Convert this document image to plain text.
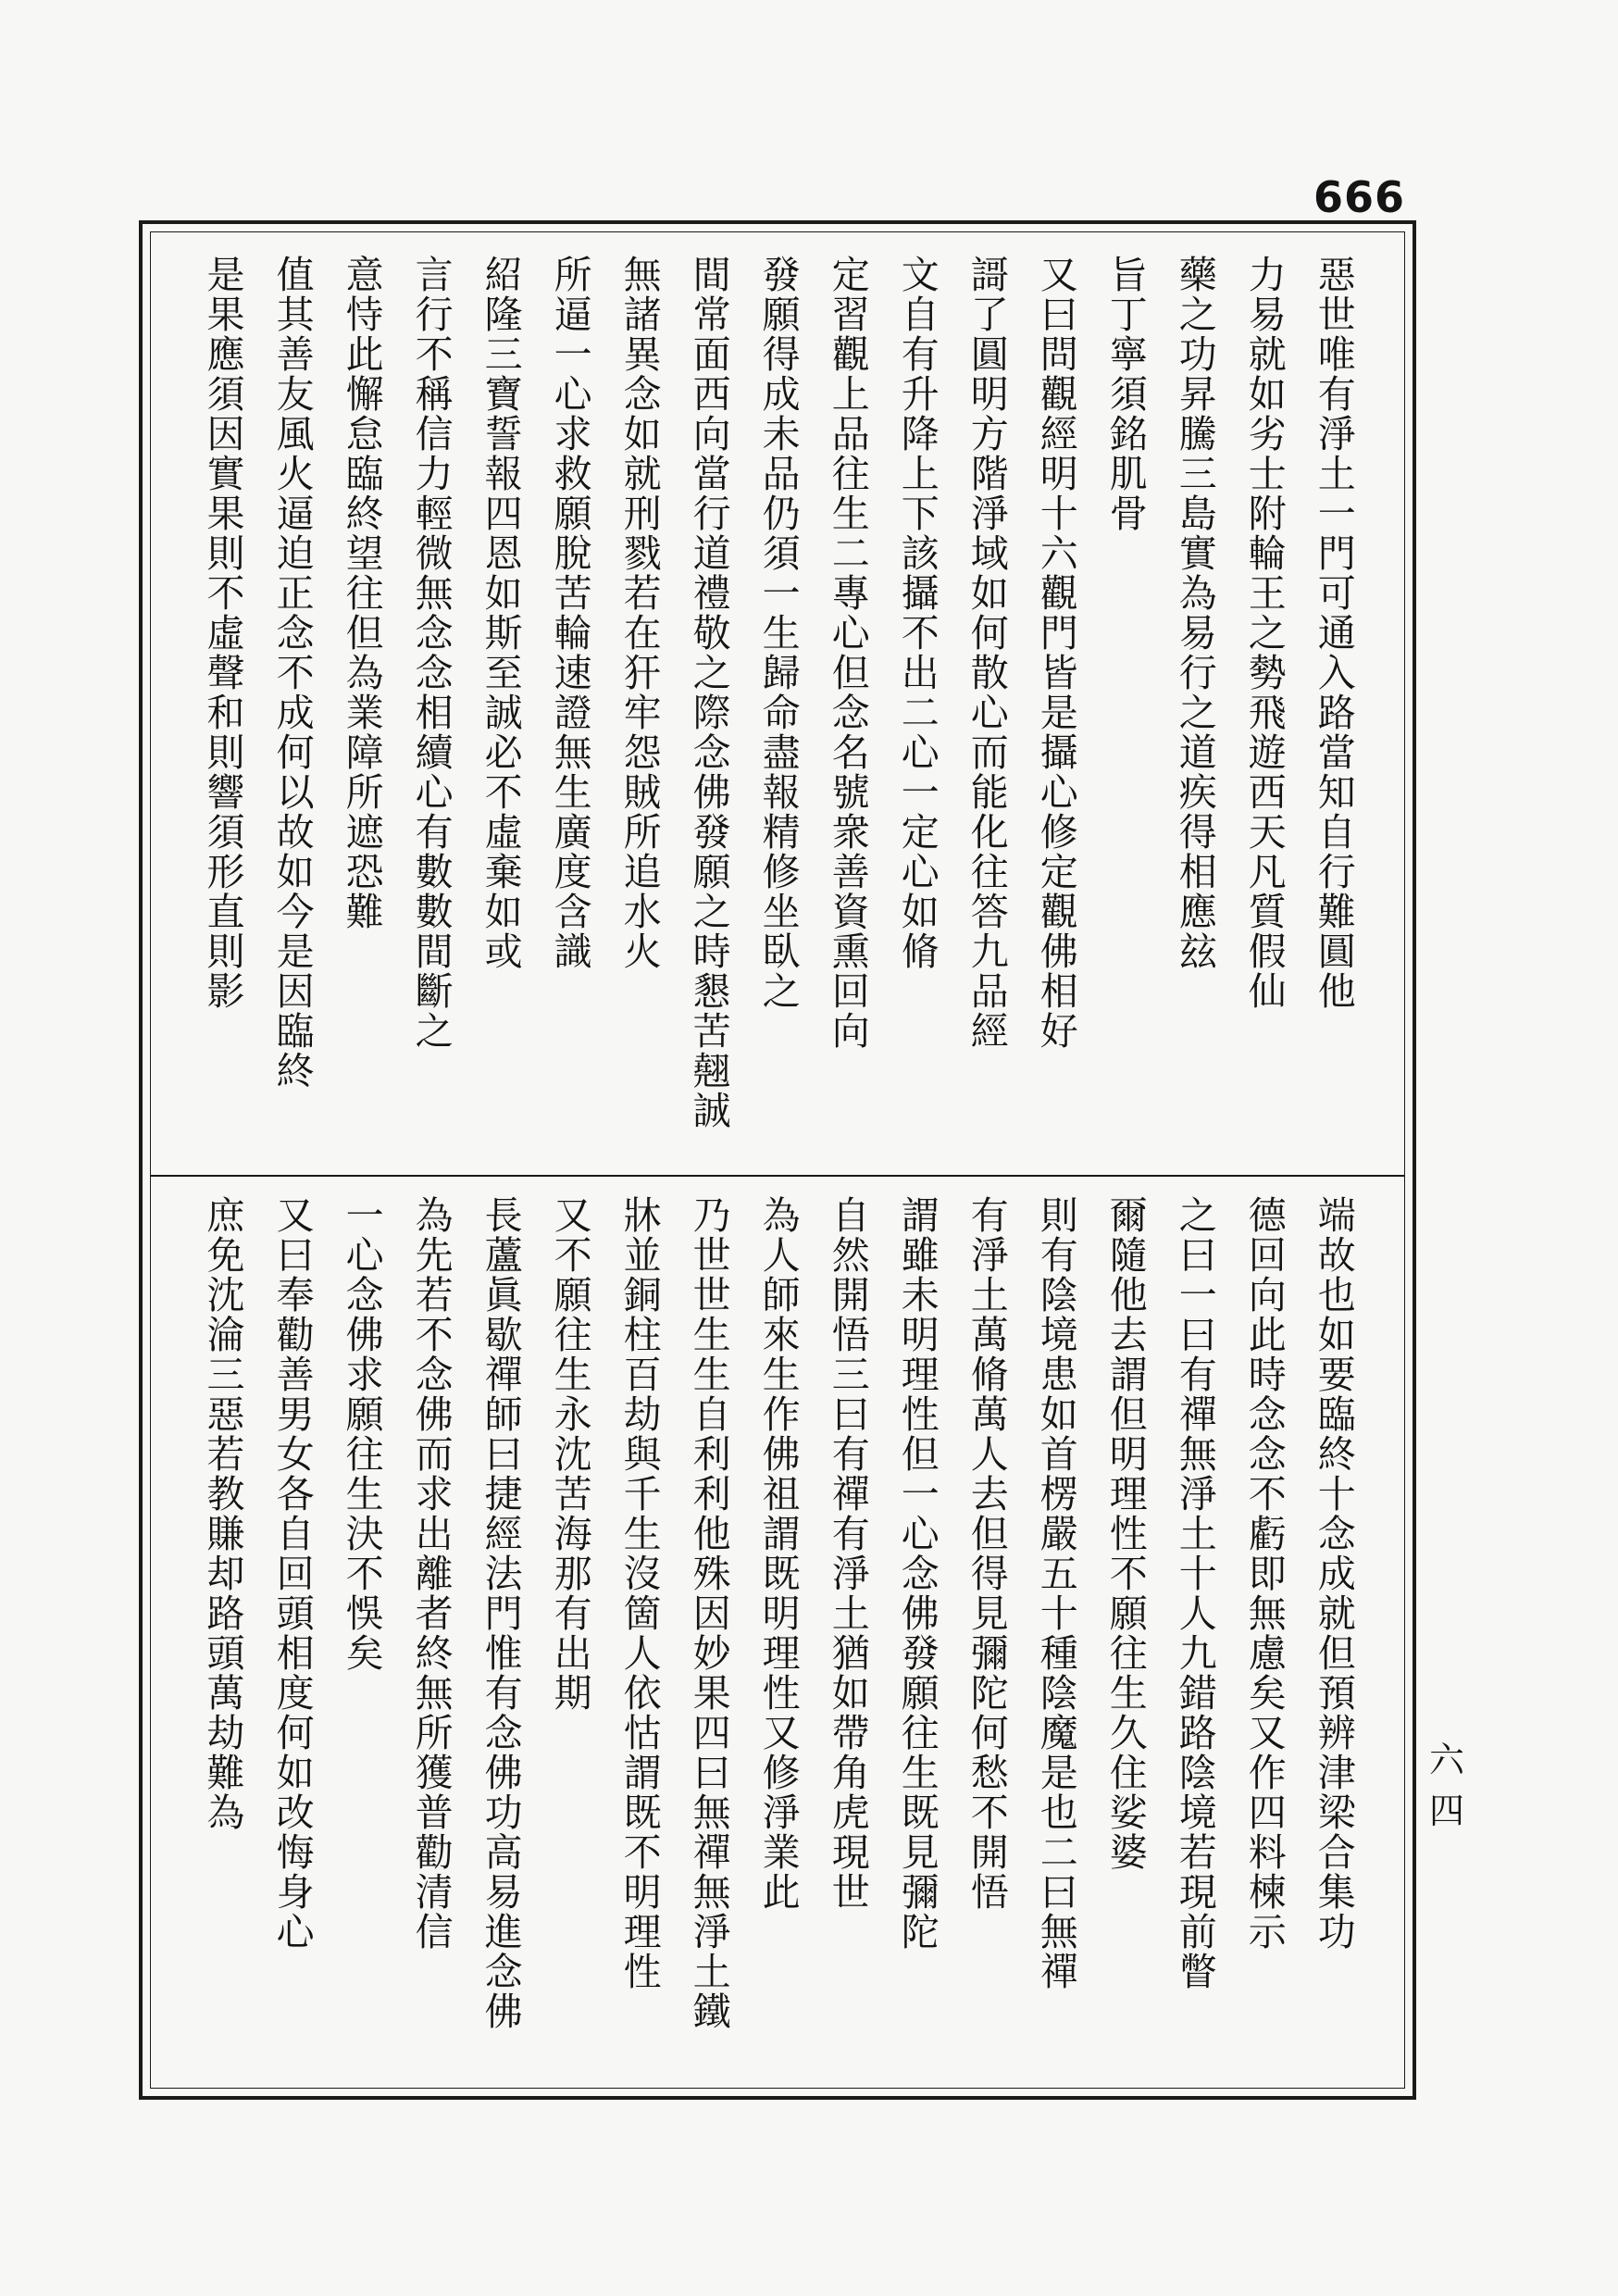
666
惡世唯有淨土一門可通入路當知自行難圓他
力易就如劣士附輪王之勢飛遊西天凡質假仙
藥之功昇騰三島實為易行之道疾得相應玆
旨丁寧須銘肌骨
又曰問觀經明十六觀門皆是攝心修定觀佛相好
謌了圓明方階淨域如何散心而能化往答九品經
文自有升降上下該攝不出二心一定心如脩
定習觀上品往生二專心但念名號衆善資熏回向
發願得成未品仍須一生歸命盡報精修坐臥之
間常面西向當行道禮敬之際念佛發願之時懇苦翹誠
無諸異念如就刑戮若在犴牢怨賊所追水火
所逼一心求救願脫苦輪速證無生廣度含識
紹隆三寶誓報四恩如斯至誠必不虛棄如或
言行不稱信力輕微無念念相續心有數數間斷之
意恃此懈怠臨終望往但為業障所遮恐難
值其善友風火逼迫正念不成何以故如今是因臨終
是果應須因實果則不虛聲和則響須形直則影
端故也如要臨終十念成就但預辨津梁合集功
德回向此時念念不虧即無慮矣又作四料楝示
之曰一曰有禪無淨土十人九錯路陰境若現前瞥
爾隨他去謂但明理性不願往生久住娑婆
則有陰境患如首楞嚴五十種陰魔是也二曰無禪
有淨土萬脩萬人去但得見彌陀何愁不開悟
謂雖未明理性但一心念佛發願往生既見彌陀
自然開悟三曰有禪有淨土猶如帶角虎現世
為人師來生作佛祖謂既明理性又修淨業此
乃世世生生自利利他殊因妙果四曰無禪無淨土鐵
牀並銅柱百劫與千生沒箇人依怙謂既不明理性
又不願往生永沈苦海那有出期
長蘆眞歇禪師曰捷經法門惟有念佛功高易進念佛
為先若不念佛而求出離者終無所獲普勸清信
一心念佛求願往生決不悞矣
又曰奉勸善男女各自回頭相度何如改悔身心
庶免沈淪三惡若教賺却路頭萬劫難為	六四
